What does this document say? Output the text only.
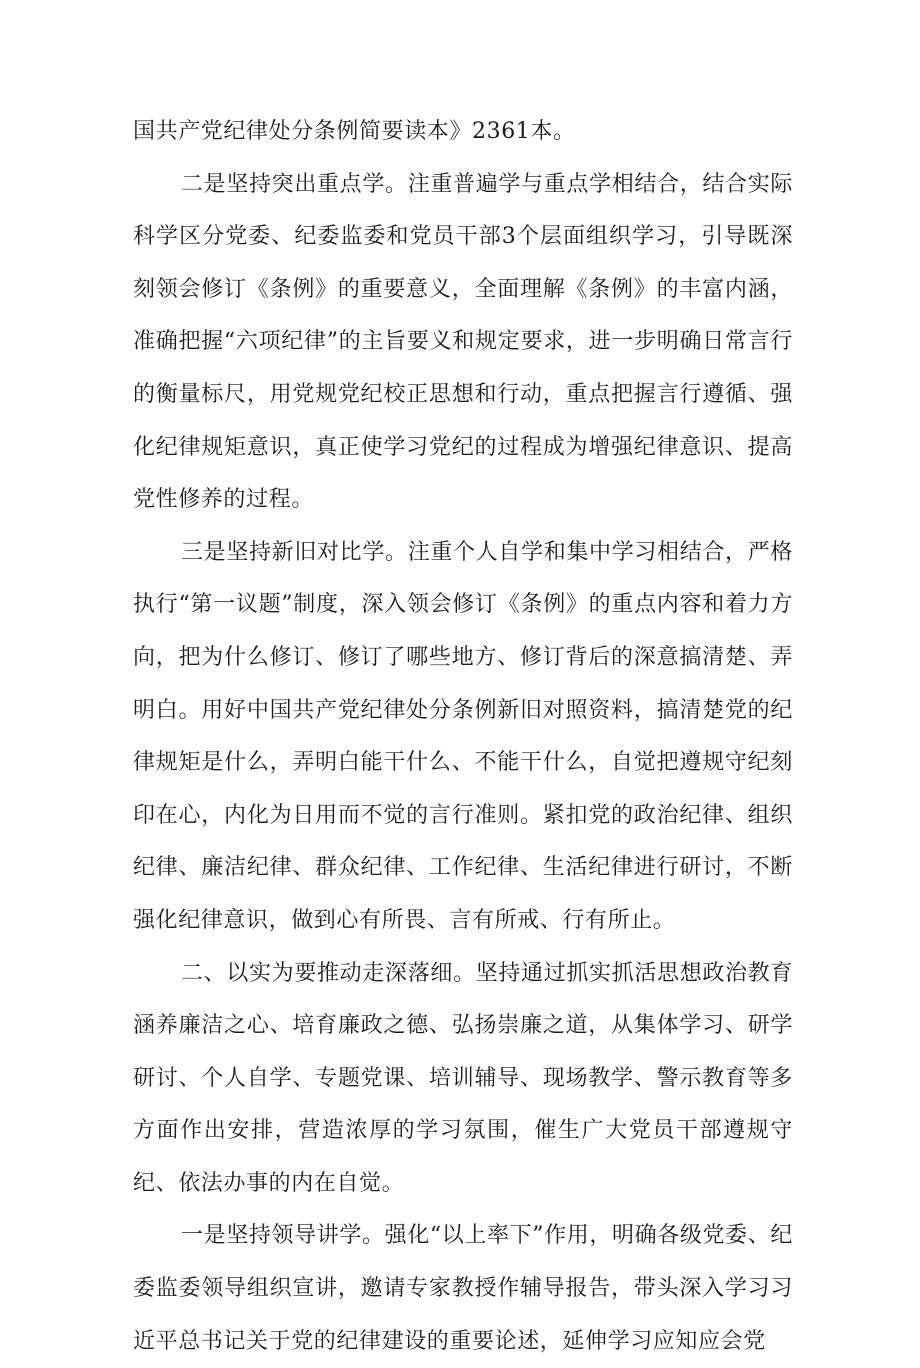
国共产党纪律处分条例简要读本》2361本。

二是坚持突出重点学。注重普遍学与重点学相结合，结合实际科学区分党委、纪委监委和党员干部3个层面组织学习，引导既深刻领会修订《条例》的重要意义，全面理解《条例》的丰富内涵，准确把握“六项纪律”的主旨要义和规定要求，进一步明确日常言行的衡量标尺，用党规党纪校正思想和行动，重点把握言行遵循、强化纪律规矩意识，真正使学习党纪的过程成为增强纪律意识、提高党性修养的过程。

三是坚持新旧对比学。注重个人自学和集中学习相结合，严格执行“第一议题”制度，深入领会修订《条例》的重点内容和着力方向，把为什么修订、修订了哪些地方、修订背后的深意搞清楚、弄明白。用好中国共产党纪律处分条例新旧对照资料，搞清楚党的纪律规矩是什么，弄明白能干什么、不能干什么，自觉把遵规守纪刻印在心，内化为日用而不觉的言行准则。紧扣党的政治纪律、组织纪律、廉洁纪律、群众纪律、工作纪律、生活纪律进行研讨，不断强化纪律意识，做到心有所畏、言有所戒、行有所止。

二、以实为要推动走深落细。坚持通过抓实抓活思想政治教育涵养廉洁之心、培育廉政之德、弘扬崇廉之道，从集体学习、研学研讨、个人自学、专题党课、培训辅导、现场教学、警示教育等多方面作出安排，营造浓厚的学习氛围，催生广大党员干部遵规守纪、依法办事的内在自觉。

一是坚持领导讲学。强化“以上率下”作用，明确各级党委、纪委监委领导组织宣讲，邀请专家教授作辅导报告，带头深入学习习近平总书记关于党的纪律建设的重要论述，延伸学习应知应会党
